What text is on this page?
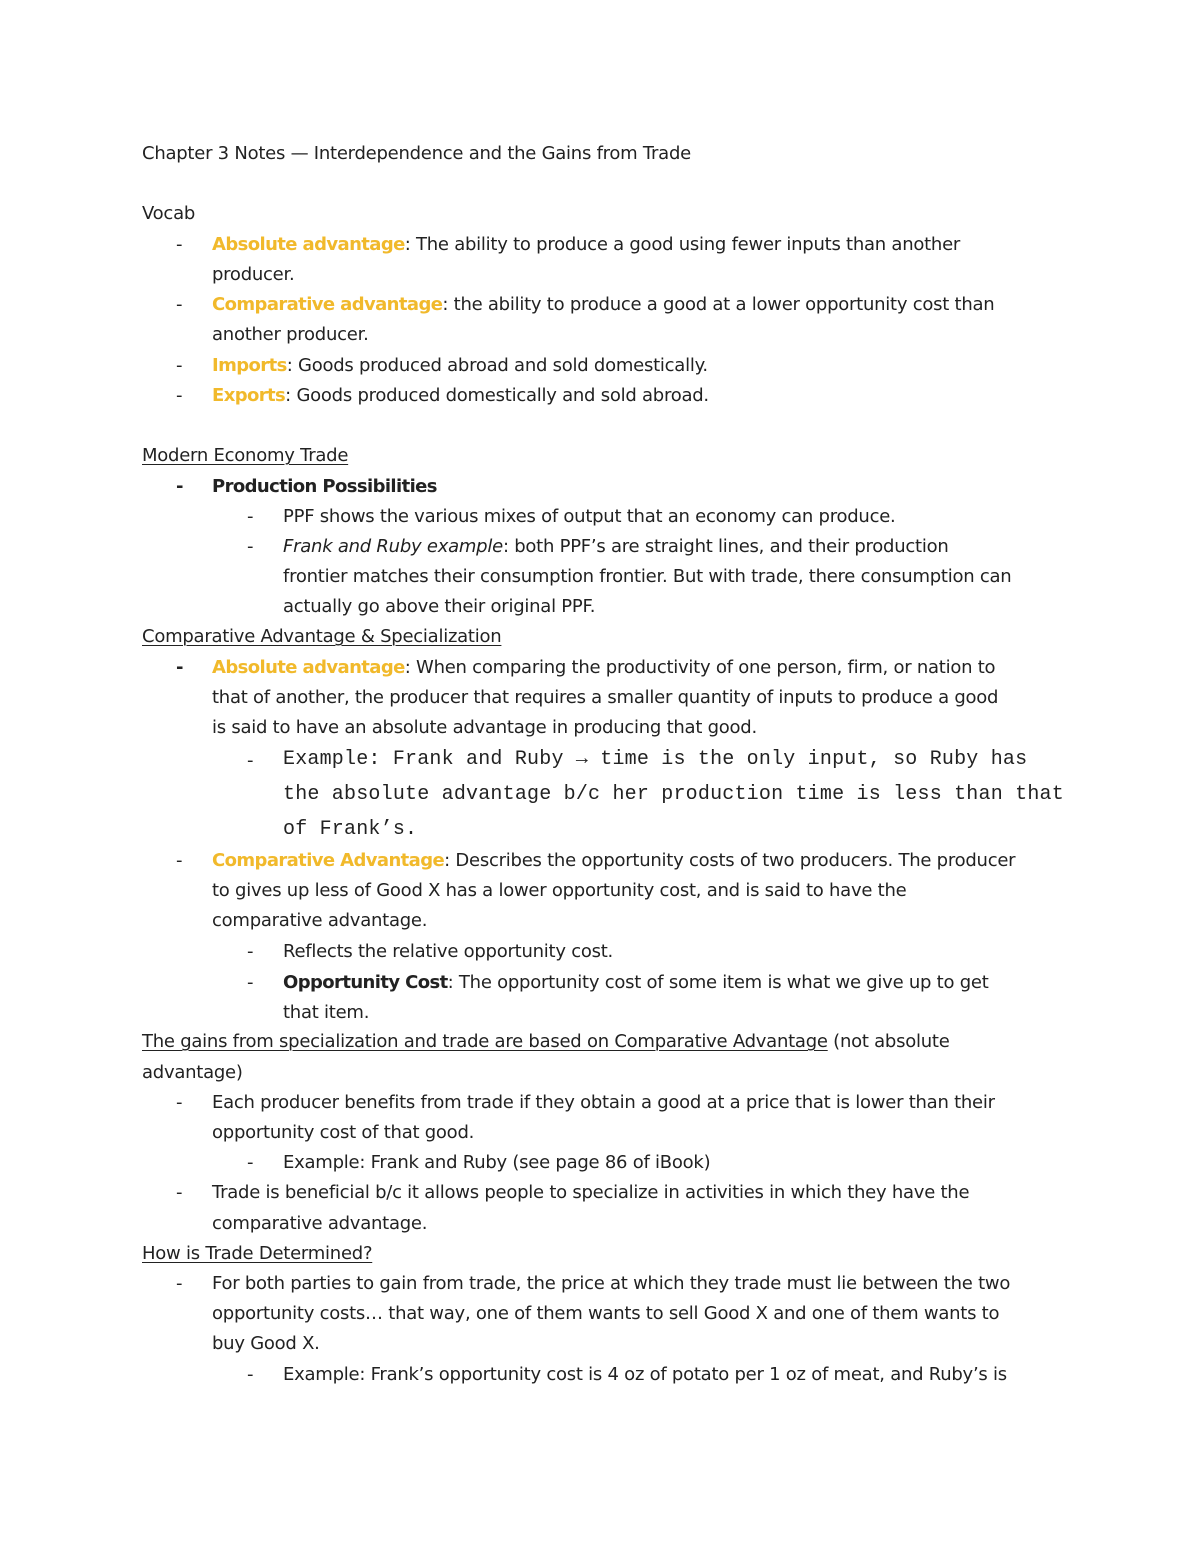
Chapter 3 Notes — Interdependence and the Gains from Trade
Vocab
- Absolute advantage: The ability to produce a good using fewer inputs than another
producer.
- Comparative advantage: the ability to produce a good at a lower opportunity cost than
another producer.
- Imports: Goods produced abroad and sold domestically.
- Exports: Goods produced domestically and sold abroad.
Modern Economy Trade
- Production Possibilities
- PPF shows the various mixes of output that an economy can produce.
- Frank and Ruby example: both PPF’s are straight lines, and their production
frontier matches their consumption frontier. But with trade, there consumption can
actually go above their original PPF.
Comparative Advantage & Specialization
- Absolute advantage: When comparing the productivity of one person, firm, or nation to
that of another, the producer that requires a smaller quantity of inputs to produce a good
is said to have an absolute advantage in producing that good.
- Example: Frank and Ruby → time is the only input, so Ruby has
the absolute advantage b/c her production time is less than that
of Frank’s.
- Comparative Advantage: Describes the opportunity costs of two producers. The producer
to gives up less of Good X has a lower opportunity cost, and is said to have the
comparative advantage.
- Reflects the relative opportunity cost.
- Opportunity Cost: The opportunity cost of some item is what we give up to get
that item.
The gains from specialization and trade are based on Comparative Advantage (not absolute
advantage)
- Each producer benefits from trade if they obtain a good at a price that is lower than their
opportunity cost of that good.
- Example: Frank and Ruby (see page 86 of iBook)
- Trade is beneficial b/c it allows people to specialize in activities in which they have the
comparative advantage.
How is Trade Determined?
- For both parties to gain from trade, the price at which they trade must lie between the two
opportunity costs… that way, one of them wants to sell Good X and one of them wants to
buy Good X.
- Example: Frank’s opportunity cost is 4 oz of potato per 1 oz of meat, and Ruby’s is
